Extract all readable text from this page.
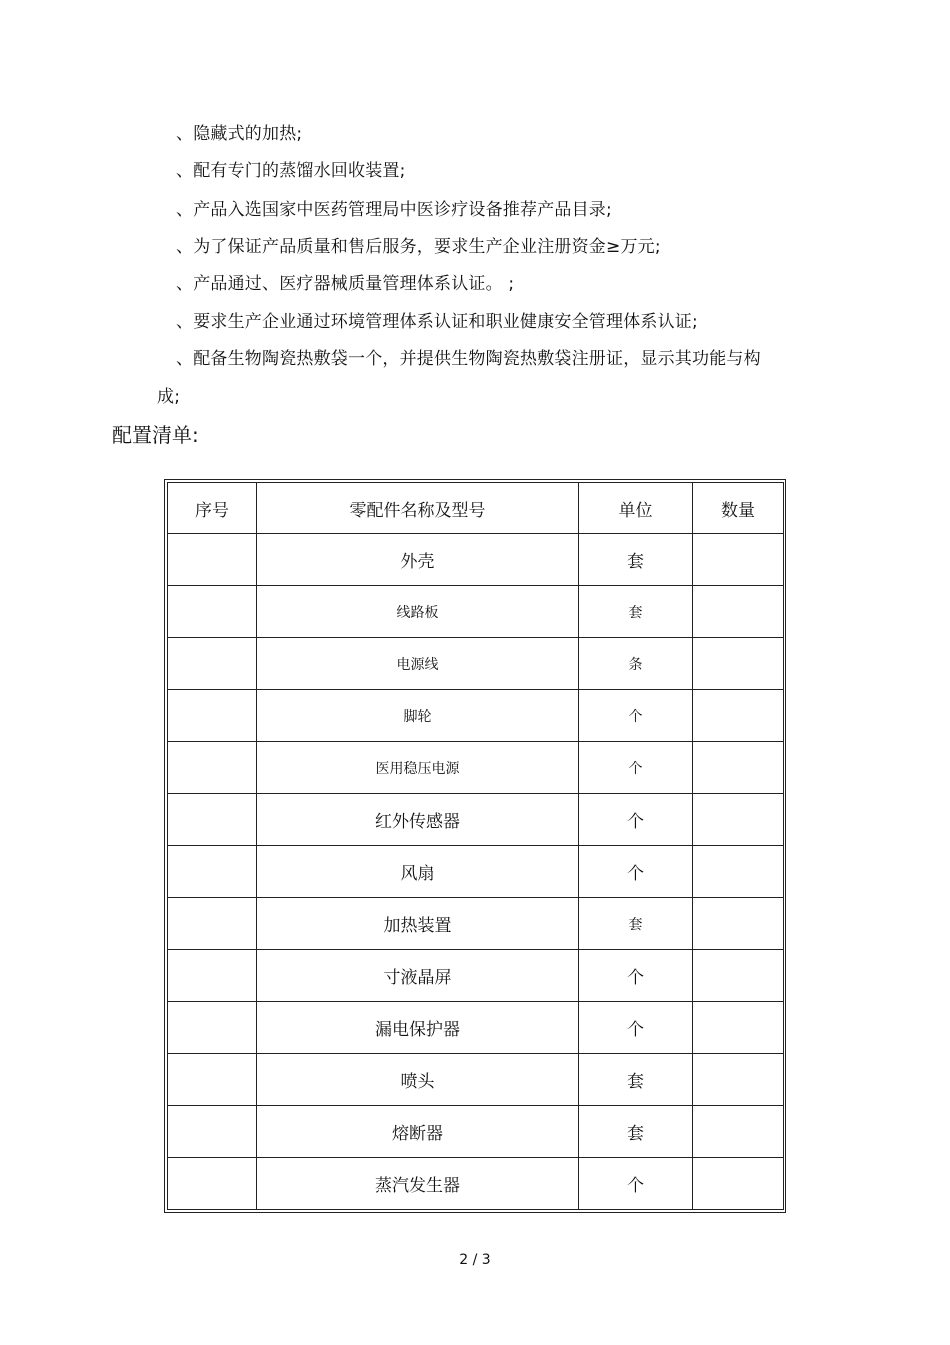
、隐藏式的加热;
、配有专门的蒸馏水回收装置;
、产品入选国家中医药管理局中医诊疗设备推荐产品目录;
、为了保证产品质量和售后服务，要求生产企业注册资金≥万元;
、产品通过、医疗器械质量管理体系认证。 ;
、要求生产企业通过环境管理体系认证和职业健康安全管理体系认证;
、配备生物陶瓷热敷袋一个，并提供生物陶瓷热敷袋注册证，显示其功能与构
成;
配置清单:
序号	零配件名称及型号	单位	数量
	外壳	套	
	线路板	套	
	电源线	条	
	脚轮	个	
	医用稳压电源	个	
	红外传感器	个	
	风扇	个	
	加热装置	套	
	寸液晶屏	个	
	漏电保护器	个	
	喷头	套	
	熔断器	套	
	蒸汽发生器	个	
2 / 3
